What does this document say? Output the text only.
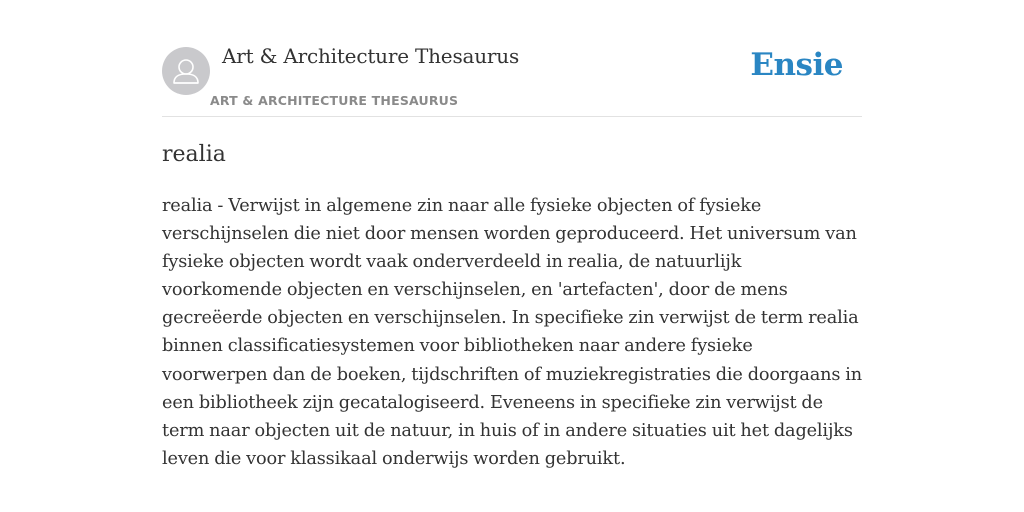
Art & Architecture Thesaurus
ART & ARCHITECTURE THESAURUS
Ensie
realia

realia - Verwijst in algemene zin naar alle fysieke objecten of fysieke verschijnselen die niet door mensen worden geproduceerd. Het universum van fysieke objecten wordt vaak onderverdeeld in realia, de natuurlijk voorkomende objecten en verschijnselen, en 'artefacten', door de mens gecreëerde objecten en verschijnselen. In specifieke zin verwijst de term realia binnen classificatiesystemen voor bibliotheken naar andere fysieke voorwerpen dan de boeken, tijdschriften of muziekregistraties die doorgaans in een bibliotheek zijn gecatalogiseerd. Eveneens in specifieke zin verwijst de term naar objecten uit de natuur, in huis of in andere situaties uit het dagelijks leven die voor klassikaal onderwijs worden gebruikt.
